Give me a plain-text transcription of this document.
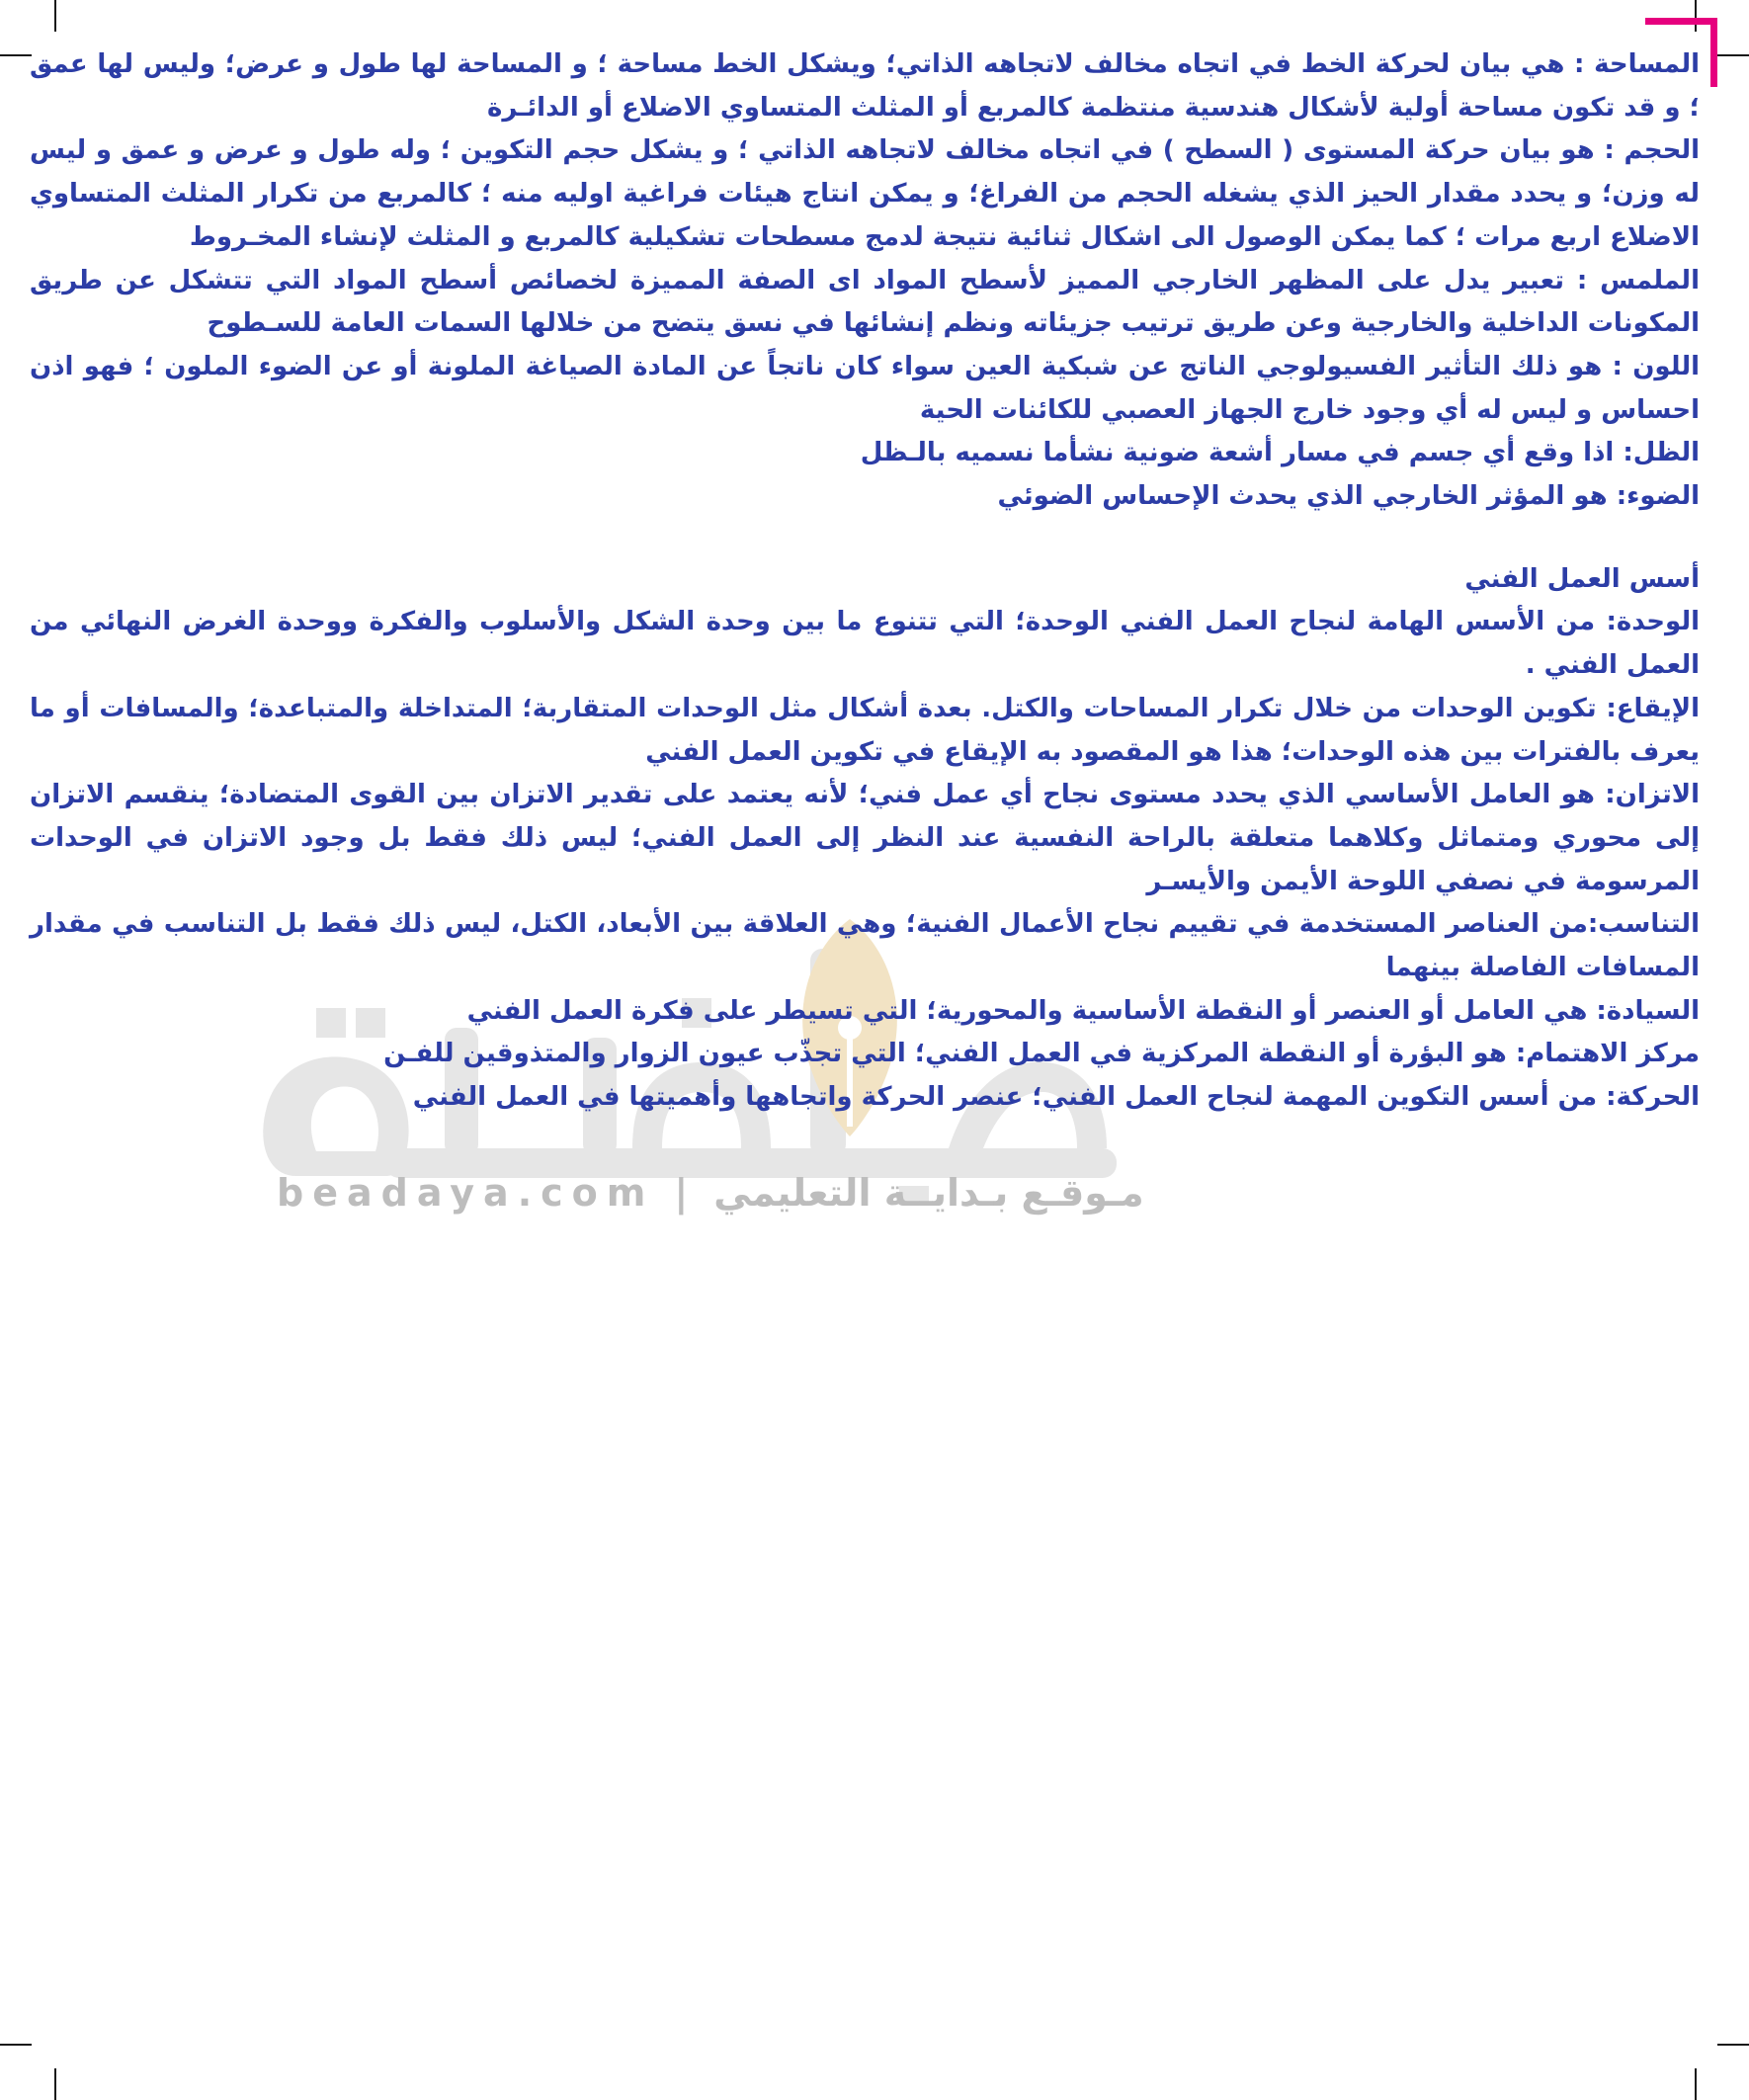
beadaya.com | مـوقـع بـدايــة التعليمي

المساحة : هي بيان لحركة الخط في اتجاه مخالف لاتجاهه الذاتي؛ ويشكل الخط مساحة ؛ و المساحة لها طول و عرض؛ وليس لها عمق ؛ و قد تكون مساحة أولية لأشكال هندسية منتظمة كالمربع أو المثلث المتساوي الاضلاع أو الدائـرة

الحجم : هو بيان حركة المستوى ( السطح ) في اتجاه مخالف لاتجاهه الذاتي ؛ و يشكل حجم التكوين ؛ وله طول و عرض و عمق و ليس له وزن؛ و يحدد مقدار الحيز الذي يشغله الحجم من الفراغ؛ و يمكن انتاج هيئات فراغية اوليه منه ؛ كالمربع من تكرار المثلث المتساوي الاضلاع اربع مرات ؛ كما يمكن الوصول الى اشكال ثنائية نتيجة لدمج مسطحات تشكيلية كالمربع و المثلث لإنشاء المخـروط

الملمس : تعبير يدل على المظهر الخارجي المميز لأسطح المواد اى الصفة المميزة لخصائص أسطح المواد التي تتشكل عن طريق المكونات الداخلية والخارجية وعن طريق ترتيب جزيئاته ونظم إنشائها في نسق يتضح من خلالها السمات العامة للسـطوح

اللون : هو ذلك التأثير الفسيولوجي الناتج عن شبكية العين سواء كان ناتجاً عن المادة الصياغة الملونة أو عن الضوء الملون ؛ فهو اذن احساس و ليس له أي وجود خارج الجهاز العصبي للكائنات الحية

الظل: اذا وقع أي جسم في مسار أشعة ضونية نشأما نسميه بالـظل

الضوء: هو المؤثر الخارجي الذي يحدث الإحساس الضوئي

أسس العمل الفني

الوحدة: من الأسس الهامة لنجاح العمل الفني الوحدة؛ التي تتنوع ما بين وحدة الشكل والأسلوب والفكرة ووحدة الغرض النهائي من العمل الفني .

الإيقاع: تكوين الوحدات من خلال تكرار المساحات والكتل. بعدة أشكال مثل الوحدات المتقاربة؛ المتداخلة والمتباعدة؛ والمسافات أو ما يعرف بالفترات بين هذه الوحدات؛ هذا هو المقصود به الإيقاع في تكوين العمل الفني

الاتزان: هو العامل الأساسي الذي يحدد مستوى نجاح أي عمل فني؛ لأنه يعتمد على تقدير الاتزان بين القوى المتضادة؛ ينقسم الاتزان إلى محوري ومتماثل وكلاهما متعلقة بالراحة النفسية عند النظر إلى العمل الفني؛ ليس ذلك فقط بل وجود الاتزان في الوحدات المرسومة في نصفي اللوحة الأيمن والأيسـر

التناسب:من العناصر المستخدمة في تقييم نجاح الأعمال الفنية؛ وهي العلاقة بين الأبعاد، الكتل، ليس ذلك فقط بل التناسب في مقدار المسافات الفاصلة بينهما

السيادة: هي العامل أو العنصر أو النقطة الأساسية والمحورية؛ التي تسيطر على فكرة العمل الفني

مركز الاهتمام: هو البؤرة أو النقطة المركزية في العمل الفني؛ التي تجذّب عيون الزوار والمتذوقين للفـن

الحركة: من أسس التكوين المهمة لنجاح العمل الفني؛ عنصر الحركة واتجاهها وأهميتها في العمل الفني
